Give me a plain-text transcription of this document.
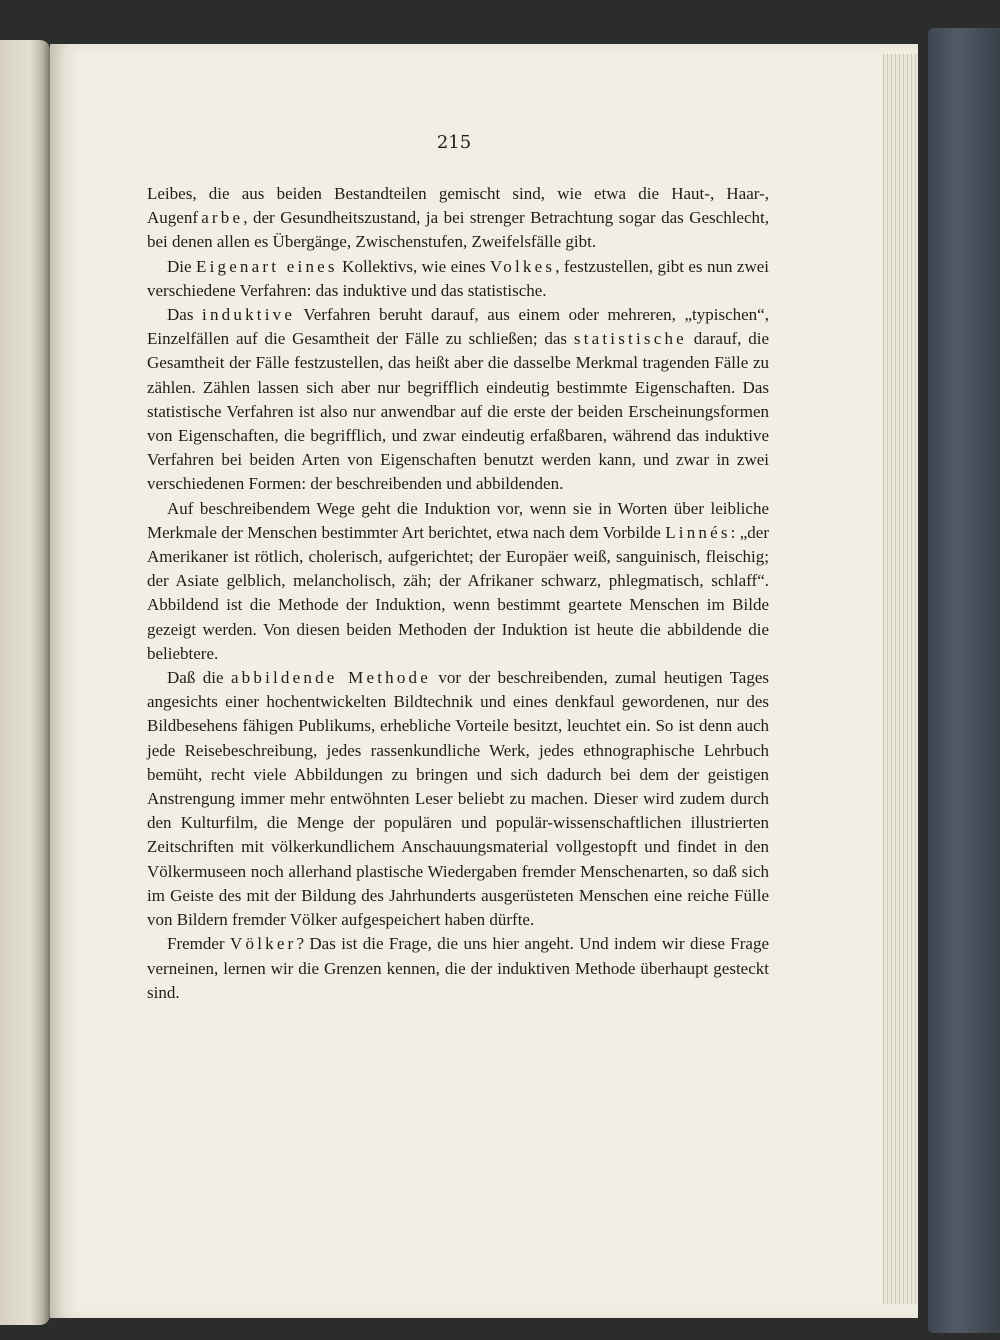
215

Leibes, die aus beiden Bestandteilen gemischt sind, wie etwa die Haut-, Haar-, Augenfarbe, der Gesundheitszustand, ja bei strenger Betrachtung sogar das Geschlecht, bei denen allen es Übergänge, Zwischenstufen, Zweifelsfälle gibt.

Die Eigenart eines Kollektivs, wie eines Volkes, festzustellen, gibt es nun zwei verschiedene Verfahren: das induktive und das statistische.

Das induktive Verfahren beruht darauf, aus einem oder mehreren, „typischen“, Einzelfällen auf die Gesamtheit der Fälle zu schließen; das statistische darauf, die Gesamtheit der Fälle festzustellen, das heißt aber die dasselbe Merkmal tragenden Fälle zu zählen. Zählen lassen sich aber nur begrifflich eindeutig bestimmte Eigenschaften. Das statistische Verfahren ist also nur anwendbar auf die erste der beiden Erscheinungsformen von Eigenschaften, die begrifflich, und zwar eindeutig erfaßbaren, während das induktive Verfahren bei beiden Arten von Eigenschaften benutzt werden kann, und zwar in zwei verschiedenen Formen: der beschreibenden und abbildenden.

Auf beschreibendem Wege geht die Induktion vor, wenn sie in Worten über leibliche Merkmale der Menschen bestimmter Art berichtet, etwa nach dem Vorbilde Linnés: „der Amerikaner ist rötlich, cholerisch, aufgerichtet; der Europäer weiß, sanguinisch, fleischig; der Asiate gelblich, melancholisch, zäh; der Afrikaner schwarz, phlegmatisch, schlaff“. Abbildend ist die Methode der Induktion, wenn bestimmt geartete Menschen im Bilde gezeigt werden. Von diesen beiden Methoden der Induktion ist heute die abbildende die beliebtere.

Daß die abbildende Methode vor der beschreibenden, zumal heutigen Tages angesichts einer hochentwickelten Bildtechnik und eines denkfaul gewordenen, nur des Bildbesehens fähigen Publikums, erhebliche Vorteile besitzt, leuchtet ein. So ist denn auch jede Reisebeschreibung, jedes rassenkundliche Werk, jedes ethnographische Lehrbuch bemüht, recht viele Abbildungen zu bringen und sich dadurch bei dem der geistigen Anstrengung immer mehr entwöhnten Leser beliebt zu machen. Dieser wird zudem durch den Kulturfilm, die Menge der populären und populär-wissenschaftlichen illustrierten Zeitschriften mit völkerkundlichem Anschauungsmaterial vollgestopft und findet in den Völkermuseen noch allerhand plastische Wiedergaben fremder Menschenarten, so daß sich im Geiste des mit der Bildung des Jahrhunderts ausgerüsteten Menschen eine reiche Fülle von Bildern fremder Völker aufgespeichert haben dürfte.

Fremder Völker? Das ist die Frage, die uns hier angeht. Und indem wir diese Frage verneinen, lernen wir die Grenzen kennen, die der induktiven Methode überhaupt gesteckt sind.
